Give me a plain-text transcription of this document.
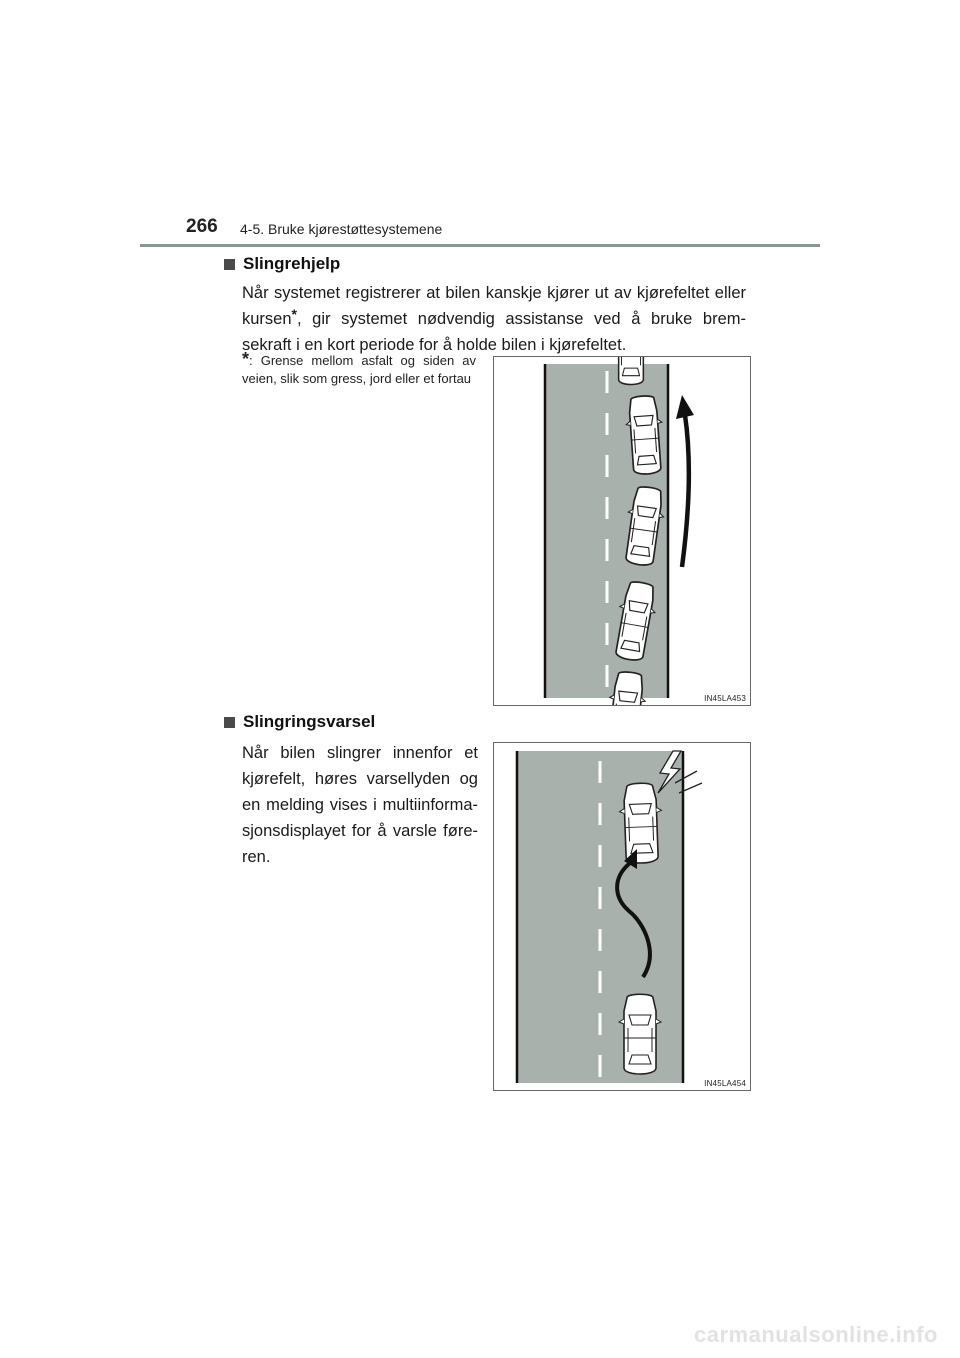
266 4-5. Bruke kjørestøttesystemene
Slingrehjelp
Når systemet registrerer at bilen kanskje kjører ut av kjørefeltet eller kursen*, gir systemet nødvendig assistanse ved å bruke brem-sekraft i en kort periode for å holde bilen i kjørefeltet.
*: Grense mellom asfalt og siden av veien, slik som gress, jord eller et fortau
IN45LA453
Slingringsvarsel
Når bilen slingrer innenfor et kjørefelt, høres varsellyden og en melding vises i multiinforma-sjonsdisplayet for å varsle føre-ren.
IN45LA454
carmanualsonline.info
